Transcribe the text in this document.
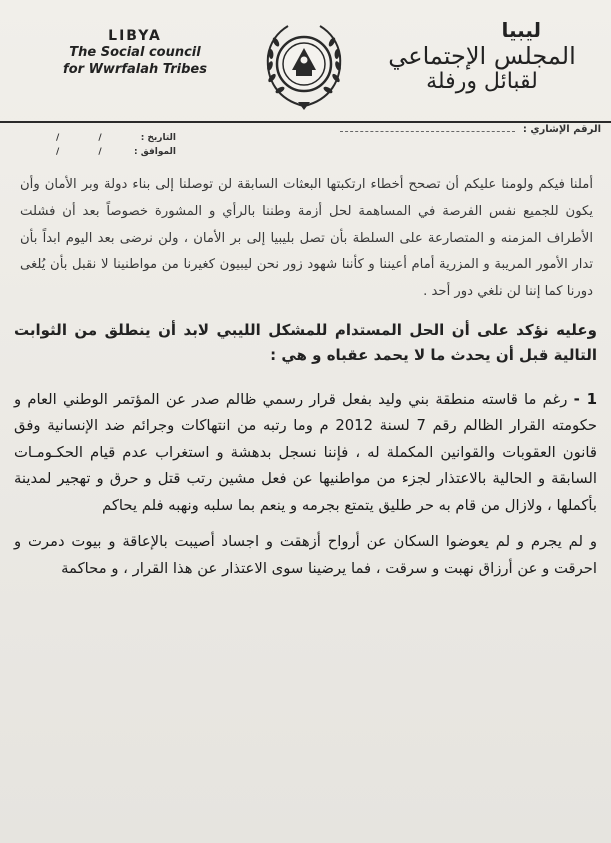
LIBYA
The Social council
for Wwrfalah Tribes
ليبيا
المجلس الإجتماعي
لقبائل ورفلة
الرقم الإشاري :
التاريخ :
/ /
الموافق :
/ /
أملنا فيكم ولومنا عليكم أن تصحح أخطاء ارتكبتها البعثات السابقة لن توصلنا إلى بناء دولة وبر الأمان وأن يكون للجميع نفس الفرصة في المساهمة لحل أزمة وطننا بالرأي و المشورة خصوصاً بعد أن فشلت الأطراف المزمنه و المتصارعة على السلطة بأن تصل بليبيا إلى بر الأمان ، ولن نرضى بعد اليوم ابداً بأن تدار الأمور المريبة و المزرية أمام أعيننا و كأننا شهود زور نحن ليبيون كغيرنا من مواطنينا لا نقبل بأن يُلغى دورنا كما إننا لن نلغي دور أحد .
وعليه نؤكد على أن الحل المستدام للمشكل الليبي لابد أن ينطلق من الثوابت التالية قبل أن يحدث ما لا يحمد عقباه و هي :
1 - رغم ما قاسته منطقة بني وليد بفعل قرار رسمي ظالم صدر عن المؤتمر الوطني العام و حكومته القرار الظالم رقم 7 لسنة 2012 م وما رتبه من انتهاكات وجرائم ضد الإنسانية وفق قانون العقوبات والقوانين المكملة له ، فإننا نسجل بدهشة و استغراب عدم قيام الحكـومـات السابقة و الحالية بالاعتذار لجزء من مواطنيها عن فعل مشين رتب قتل و حرق و تهجير لمدينة بأكملها ، ولازال من قام به حر طليق يتمتع بجرمه و ينعم بما سلبه ونهبه فلم يحاكم
و لم يجرم و لم يعوضوا السكان عن أرواح أزهقت و اجساد أصيبت بالإعاقة و بيوت دمرت و احرقت و عن أرزاق نهبت و سرقت ، فما يرضينا سوى الاعتذار عن هذا القرار ، و محاكمة
